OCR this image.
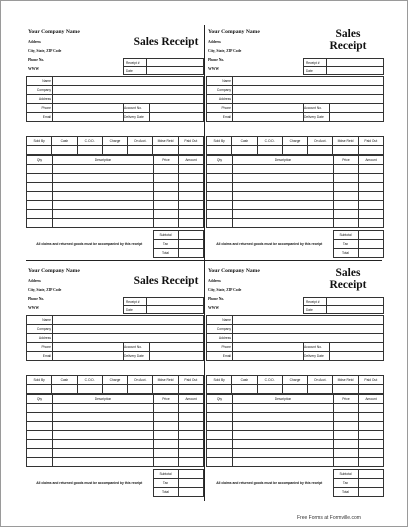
Your Company Name
Address
City, State, ZIP Code
Phone No.
WWW
Sales Receipt
Receipt #
Date
Name			
Company			
Address			
Phone		Account No.	
Email		Delivery Date	
Sold By	Cash	C.O.D.	Charge	On Acct.	Mdse Retd	Paid Out

Qty	Description	Price	Amount

All claims and returned goods must be accompanied by this receipt	Subtotal	
	Tax	
	Total	
Your Company Name
Address
City, State, ZIP Code
Phone No.
WWW
Sales Receipt
Receipt #
Date
Name			
Company			
Address			
Phone		Account No.	
Email		Delivery Date	
Sold By	Cash	C.O.D.	Charge	On Acct.	Mdse Retd	Paid Out

Qty	Description	Price	Amount

All claims and returned goods must be accompanied by this receipt	Subtotal	
	Tax	
	Total	
Your Company Name
Address
City, State, ZIP Code
Phone No.
WWW
Sales Receipt
Receipt #
Date
Name			
Company			
Address			
Phone		Account No.	
Email		Delivery Date	
Sold By	Cash	C.O.D.	Charge	On Acct.	Mdse Retd	Paid Out

Qty	Description	Price	Amount

All claims and returned goods must be accompanied by this receipt	Subtotal	
	Tax	
	Total	
Your Company Name
Address
City, State, ZIP Code
Phone No.
WWW
Sales Receipt
Receipt #
Date
Name			
Company			
Address			
Phone		Account No.	
Email		Delivery Date	
Sold By	Cash	C.O.D.	Charge	On Acct.	Mdse Retd	Paid Out

Qty	Description	Price	Amount

All claims and returned goods must be accompanied by this receipt	Subtotal	
	Tax	
	Total	
Free Forms at Formville.com
